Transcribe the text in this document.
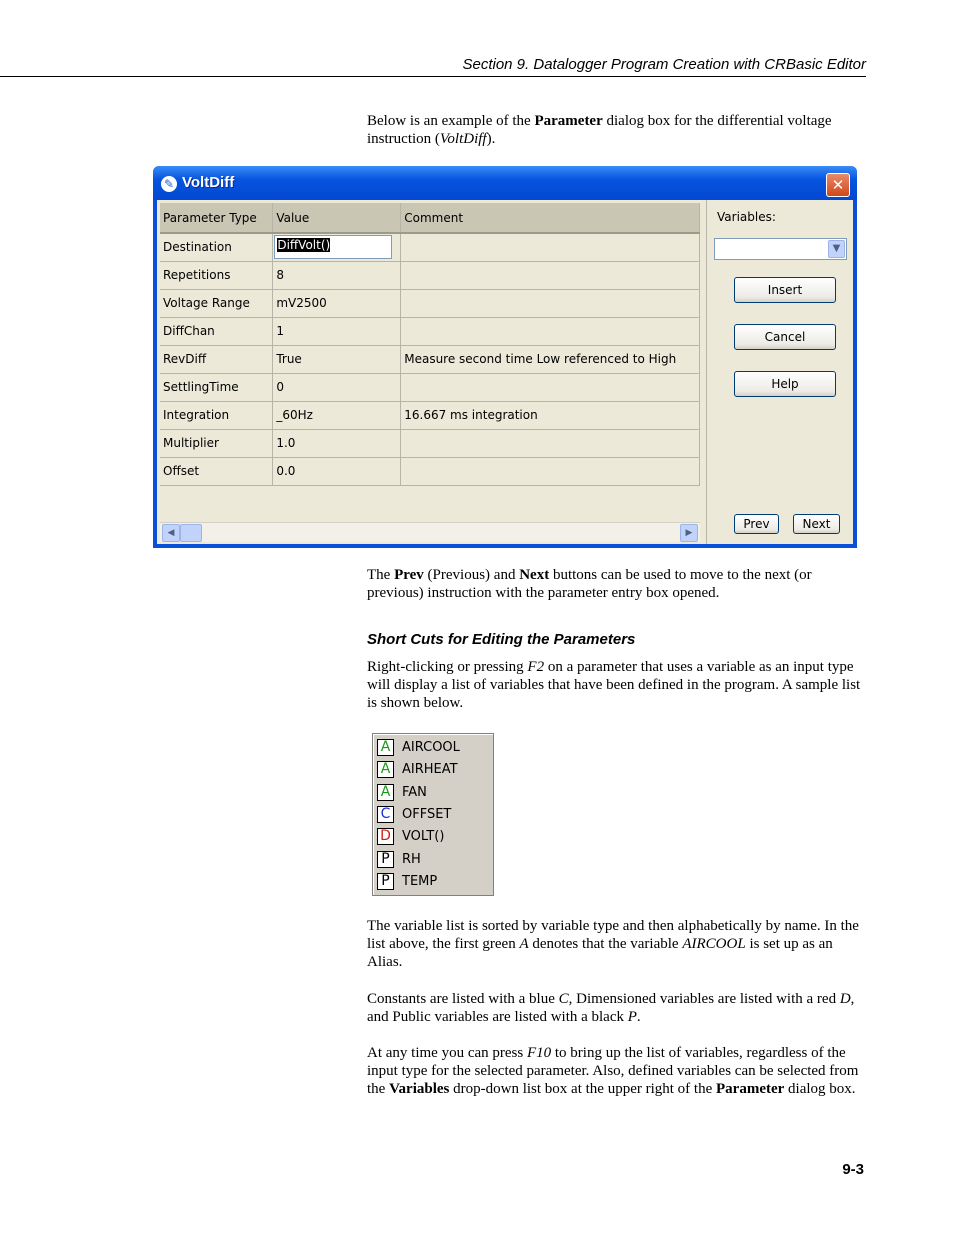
Section 9. Datalogger Program Creation with CRBasic Editor
Below is an example of the Parameter dialog box for the differential voltage instruction (VoltDiff).
✎ VoltDiff	✕
Parameter Type	Value	Comment
Destination	DiffVolt()	
Repetitions	8	
Voltage Range	mV2500	
DiffChan	1	
RevDiff	True	Measure second time Low referenced to High
SettlingTime	0	
Integration	_60Hz	16.667 ms integration
Multiplier	1.0	
Offset	0.0	
◀	▶
Variables:
▼
Insert
Cancel
Help
Prev	Next
The Prev (Previous) and Next buttons can be used to move to the next (or previous) instruction with the parameter entry box opened.
Short Cuts for Editing the Parameters
Right-clicking or pressing F2 on a parameter that uses a variable as an input type will display a list of variables that have been defined in the program. A sample list is shown below.
A AIRCOOL
A AIRHEAT
A FAN
C OFFSET
D VOLT()
P RH
P TEMP
The variable list is sorted by variable type and then alphabetically by name. In the list above, the first green A denotes that the variable AIRCOOL is set up as an Alias.
Constants are listed with a blue C, Dimensioned variables are listed with a red D, and Public variables are listed with a black P.
At any time you can press F10 to bring up the list of variables, regardless of the input type for the selected parameter. Also, defined variables can be selected from the Variables drop-down list box at the upper right of the Parameter dialog box.
9-3
